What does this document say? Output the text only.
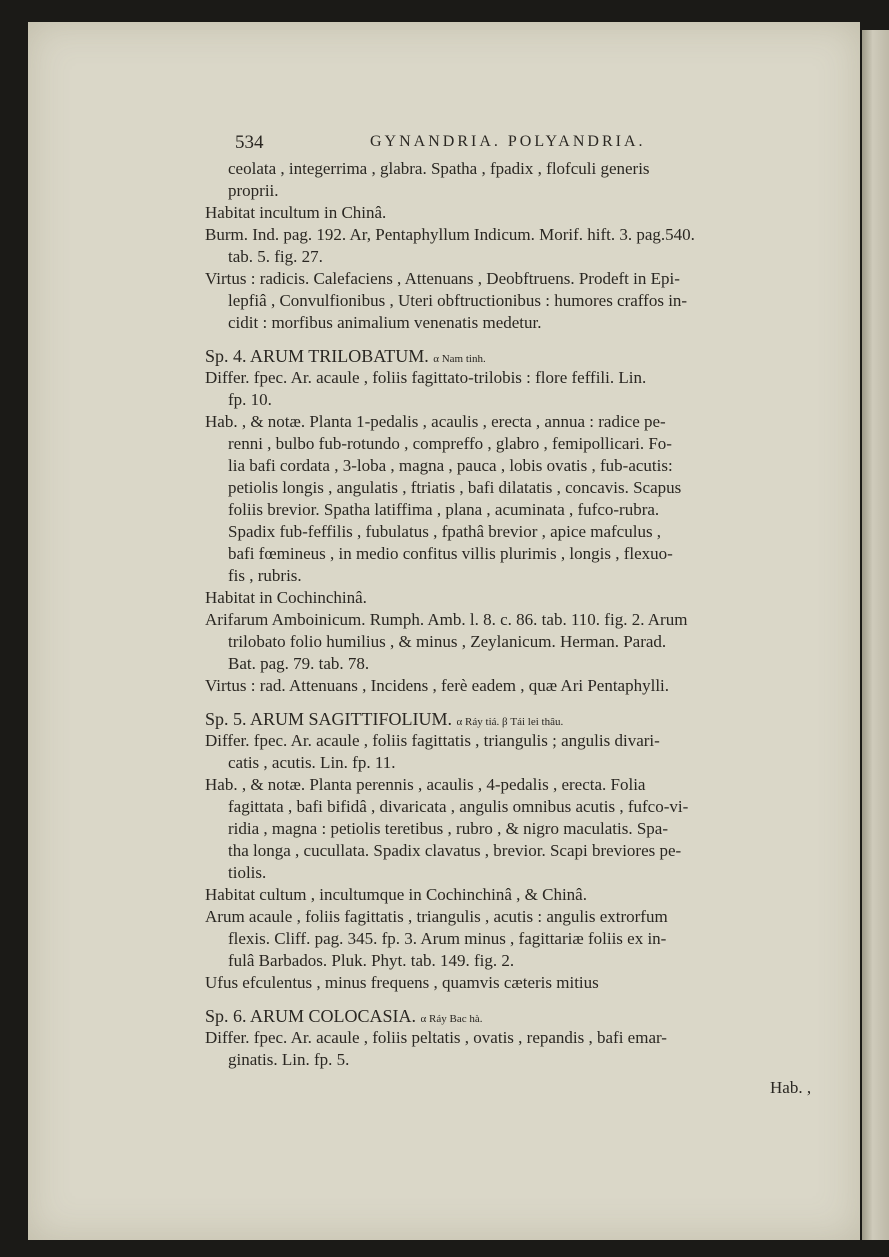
534	GYNANDRIA. POLYANDRIA.
ceolata , integerrima , glabra. Spatha , fpadix , flofculi generis
proprii.
Habitat incultum in Chinâ.
Burm. Ind. pag. 192. Ar, Pentaphyllum Indicum. Morif. hift. 3. pag.540.
tab. 5. fig. 27.
Virtus : radicis. Calefaciens , Attenuans , Deobftruens. Prodeft in Epi-
lepfiâ , Convulfionibus , Uteri obftructionibus : humores craffos in-
cidit : morfibus animalium venenatis medetur.
Sp. 4. ARUM TRILOBATUM. α Nam tinh.
Differ. fpec. Ar. acaule , foliis fagittato-trilobis : flore feffili. Lin.
fp. 10.
Hab. , & notæ. Planta 1-pedalis , acaulis , erecta , annua : radice pe-
renni , bulbo fub-rotundo , compreffo , glabro , femipollicari. Fo-
lia bafi cordata , 3-loba , magna , pauca , lobis ovatis , fub-acutis:
petiolis longis , angulatis , ftriatis , bafi dilatatis , concavis. Scapus
foliis brevior. Spatha latiffima , plana , acuminata , fufco-rubra.
Spadix fub-feffilis , fubulatus , fpathâ brevior , apice mafculus ,
bafi fœmineus , in medio confitus villis plurimis , longis , flexuo-
fis , rubris.
Habitat in Cochinchinâ.
Arifarum Amboinicum. Rumph. Amb. l. 8. c. 86. tab. 110. fig. 2. Arum
trilobato folio humilius , & minus , Zeylanicum. Herman. Parad.
Bat. pag. 79. tab. 78.
Virtus : rad. Attenuans , Incidens , ferè eadem , quæ Ari Pentaphylli.
Sp. 5. ARUM SAGITTIFOLIUM. α Ráy tiá. β Tái lei thâu.
Differ. fpec. Ar. acaule , foliis fagittatis , triangulis ; angulis divari-
catis , acutis. Lin. fp. 11.
Hab. , & notæ. Planta perennis , acaulis , 4-pedalis , erecta. Folia
fagittata , bafi bifidâ , divaricata , angulis omnibus acutis , fufco-vi-
ridia , magna : petiolis teretibus , rubro , & nigro maculatis. Spa-
tha longa , cucullata. Spadix clavatus , brevior. Scapi breviores pe-
tiolis.
Habitat cultum , incultumque in Cochinchinâ , & Chinâ.
Arum acaule , foliis fagittatis , triangulis , acutis : angulis extrorfum
flexis. Cliff. pag. 345. fp. 3. Arum minus , fagittariæ foliis ex in-
fulâ Barbados. Pluk. Phyt. tab. 149. fig. 2.
Ufus efculentus , minus frequens , quamvis cæteris mitius
Sp. 6. ARUM COLOCASIA. α Ráy Bac hà.
Differ. fpec. Ar. acaule , foliis peltatis , ovatis , repandis , bafi emar-
ginatis. Lin. fp. 5.
Hab. ,
